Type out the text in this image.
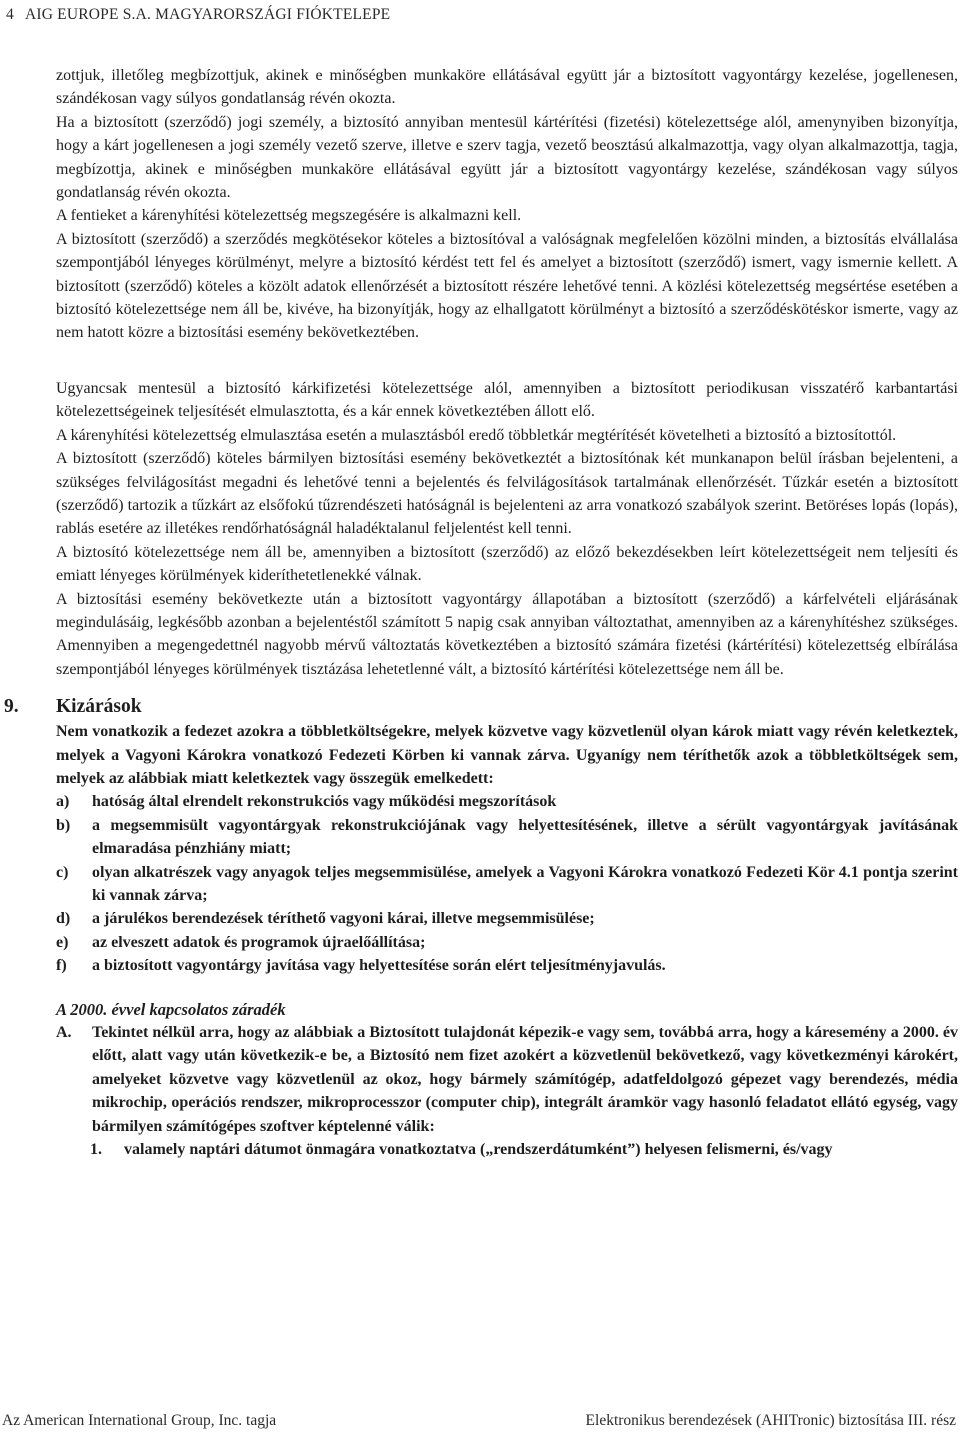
4 AIG EUROPE S.A. MAGYARORSZÁGI FIÓKTELEPE

zottjuk, illetőleg megbízottjuk, akinek e minőségben munkaköre ellátásával együtt jár a biztosított vagyontárgy kezelése, jogellenesen, szándékosan vagy súlyos gondatlanság révén okozta.

Ha a biztosított (szerződő) jogi személy, a biztosító annyiban mentesül kártérítési (fizetési) kötelezettsége alól, amenynyiben bizonyítja, hogy a kárt jogellenesen a jogi személy vezető szerve, illetve e szerv tagja, vezető beosztású alkalmazottja, vagy olyan alkalmazottja, tagja, megbízottja, akinek e minőségben munkaköre ellátásával együtt jár a biztosított vagyontárgy kezelése, szándékosan vagy súlyos gondatlanság révén okozta.

A fentieket a kárenyhítési kötelezettség megszegésére is alkalmazni kell.

A biztosított (szerződő) a szerződés megkötésekor köteles a biztosítóval a valóságnak megfelelően közölni minden, a biztosítás elvállalása szempontjából lényeges körülményt, melyre a biztosító kérdést tett fel és amelyet a biztosított (szerződő) ismert, vagy ismernie kellett. A biztosított (szerződő) köteles a közölt adatok ellenőrzését a biztosított részére lehetővé tenni. A közlési kötelezettség megsértése esetében a biztosító kötelezettsége nem áll be, kivéve, ha bizonyítják, hogy az elhallgatott körülményt a biztosító a szerződéskötéskor ismerte, vagy az nem hatott közre a biztosítási esemény bekövetkeztében.

Ugyancsak mentesül a biztosító kárkifizetési kötelezettsége alól, amennyiben a biztosított periodikusan visszatérő karbantartási kötelezettségeinek teljesítését elmulasztotta, és a kár ennek következtében állott elő.

A kárenyhítési kötelezettség elmulasztása esetén a mulasztásból eredő többletkár megtérítését követelheti a biztosító a biztosítottól.

A biztosított (szerződő) köteles bármilyen biztosítási esemény bekövetkeztét a biztosítónak két munkanapon belül írásban bejelenteni, a szükséges felvilágosítást megadni és lehetővé tenni a bejelentés és felvilágosítások tartalmának ellenőrzését. Tűzkár esetén a biztosított (szerződő) tartozik a tűzkárt az elsőfokú tűzrendészeti hatóságnál is bejelenteni az arra vonatkozó szabályok szerint. Betöréses lopás (lopás), rablás esetére az illetékes rendőrhatóságnál haladéktalanul feljelentést kell tenni.

A biztosító kötelezettsége nem áll be, amennyiben a biztosított (szerződő) az előző bekezdésekben leírt kötelezettségeit nem teljesíti és emiatt lényeges körülmények kideríthetetlenekké válnak.

A biztosítási esemény bekövetkezte után a biztosított vagyontárgy állapotában a biztosított (szerződő) a kárfelvételi eljárásának megindulásáig, legkésőbb azonban a bejelentéstől számított 5 napig csak annyiban változtathat, amennyiben az a kárenyhítéshez szükséges. Amennyiben a megengedettnél nagyobb mérvű változtatás következtében a biztosító számára fizetési (kártérítési) kötelezettség elbírálása szempontjából lényeges körülmények tisztázása lehetetlenné vált, a biztosító kártérítési kötelezettsége nem áll be.

9. Kizárások

Nem vonatkozik a fedezet azokra a többletköltségekre, melyek közvetve vagy közvetlenül olyan károk miatt vagy révén keletkeztek, melyek a Vagyoni Károkra vonatkozó Fedezeti Körben ki vannak zárva. Ugyanígy nem téríthetők azok a többletköltségek sem, melyek az alábbiak miatt keletkeztek vagy összegük emelkedett:

a) hatóság által elrendelt rekonstrukciós vagy működési megszorítások
b) a megsemmisült vagyontárgyak rekonstrukciójának vagy helyettesítésének, illetve a sérült vagyontárgyak javításának elmaradása pénzhiány miatt;
c) olyan alkatrészek vagy anyagok teljes megsemmisülése, amelyek a Vagyoni Károkra vonatkozó Fedezeti Kör 4.1 pontja szerint ki vannak zárva;
d) a járulékos berendezések téríthető vagyoni kárai, illetve megsemmisülése;
e) az elveszett adatok és programok újraelőállítása;
f) a biztosított vagyontárgy javítása vagy helyettesítése során elért teljesítményjavulás.

A 2000. évvel kapcsolatos záradék

A. Tekintet nélkül arra, hogy az alábbiak a Biztosított tulajdonát képezik-e vagy sem, továbbá arra, hogy a káresemény a 2000. év előtt, alatt vagy után következik-e be, a Biztosító nem fizet azokért a közvetlenül bekövetkező, vagy következményi károkért, amelyeket közvetve vagy közvetlenül az okoz, hogy bármely számítógép, adatfeldolgozó gépezet vagy berendezés, média mikrochip, operációs rendszer, mikroprocesszor (computer chip), integrált áramkör vagy hasonló feladatot ellátó egység, vagy bármilyen számítógépes szoftver képtelenné válik:
1. valamely naptári dátumot önmagára vonatkoztatva („rendszerdátumként”) helyesen felismerni, és/vagy
Az American International Group, Inc. tagja	Elektronikus berendezések (AHITronic) biztosítása III. rész
